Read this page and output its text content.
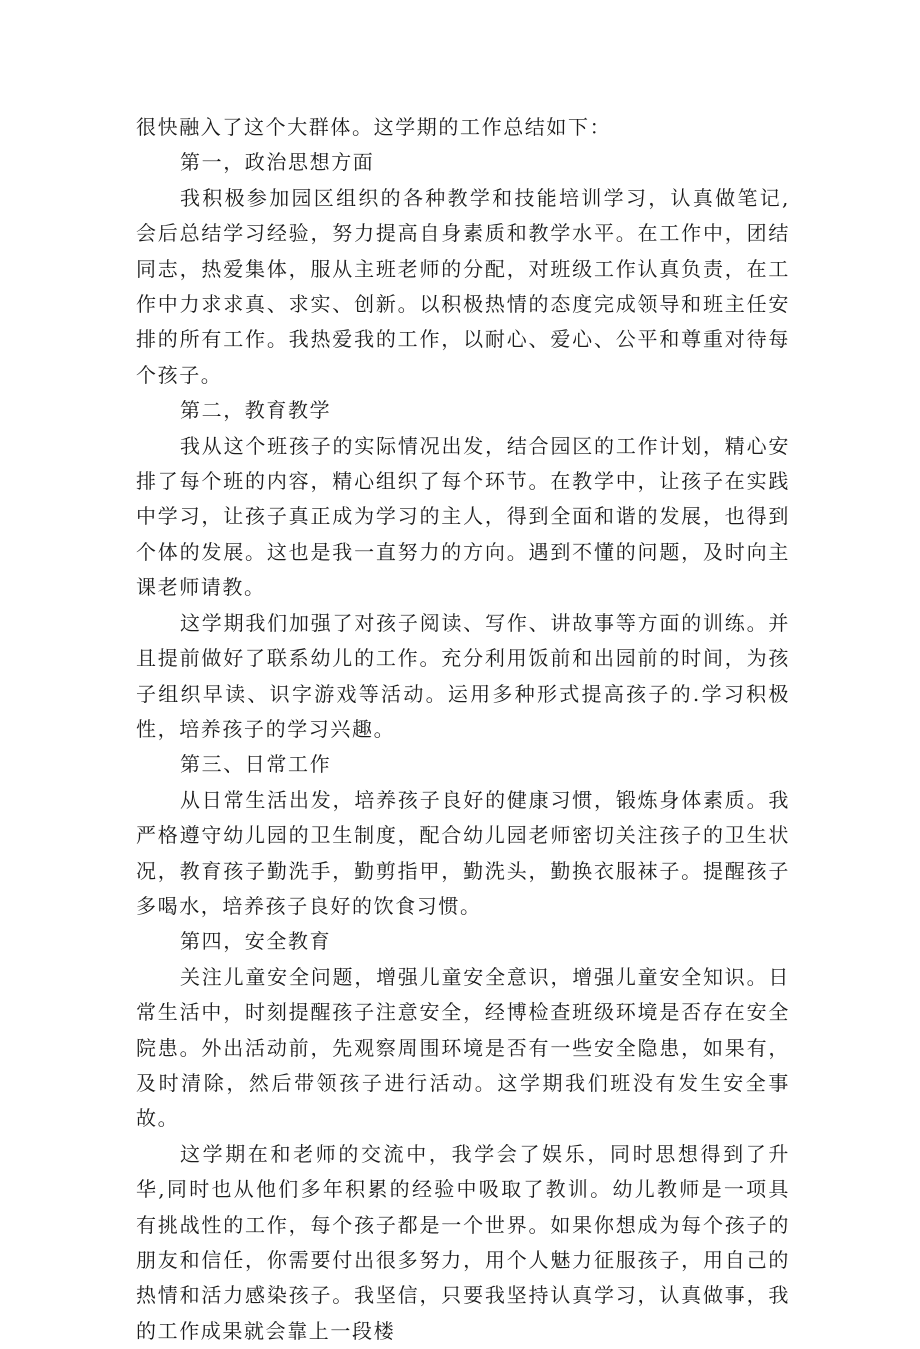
很快融入了这个大群体。这学期的工作总结如下：

第一，政治思想方面

我积极参加园区组织的各种教学和技能培训学习，认真做笔记,会后总结学习经验，努力提高自身素质和教学水平。在工作中，团结同志，热爱集体，服从主班老师的分配，对班级工作认真负责，在工作中力求求真、求实、创新。以积极热情的态度完成领导和班主任安排的所有工作。我热爱我的工作，以耐心、爱心、公平和尊重对待每个孩子。

第二，教育教学

我从这个班孩子的实际情况出发，结合园区的工作计划，精心安排了每个班的内容，精心组织了每个环节。在教学中，让孩子在实践中学习，让孩子真正成为学习的主人，得到全面和谐的发展，也得到个体的发展。这也是我一直努力的方向。遇到不懂的问题，及时向主课老师请教。

这学期我们加强了对孩子阅读、写作、讲故事等方面的训练。并且提前做好了联系幼儿的工作。充分利用饭前和出园前的时间，为孩子组织早读、识字游戏等活动。运用多种形式提高孩子的.学习积极性，培养孩子的学习兴趣。

第三、日常工作

从日常生活出发，培养孩子良好的健康习惯，锻炼身体素质。我严格遵守幼儿园的卫生制度，配合幼儿园老师密切关注孩子的卫生状况，教育孩子勤洗手，勤剪指甲，勤洗头，勤换衣服袜子。提醒孩子多喝水，培养孩子良好的饮食习惯。

第四，安全教育

关注儿童安全问题，增强儿童安全意识，增强儿童安全知识。日常生活中，时刻提醒孩子注意安全，经博检查班级环境是否存在安全院患。外出活动前，先观察周围环境是否有一些安全隐患，如果有，及时清除，然后带领孩子进行活动。这学期我们班没有发生安全事故。

这学期在和老师的交流中，我学会了娱乐，同时思想得到了升华,同时也从他们多年积累的经验中吸取了教训。幼儿教师是一项具有挑战性的工作，每个孩子都是一个世界。如果你想成为每个孩子的朋友和信任，你需要付出很多努力，用个人魅力征服孩子，用自己的热情和活力感染孩子。我坚信，只要我坚持认真学习，认真做事，我的工作成果就会靠上一段楼
